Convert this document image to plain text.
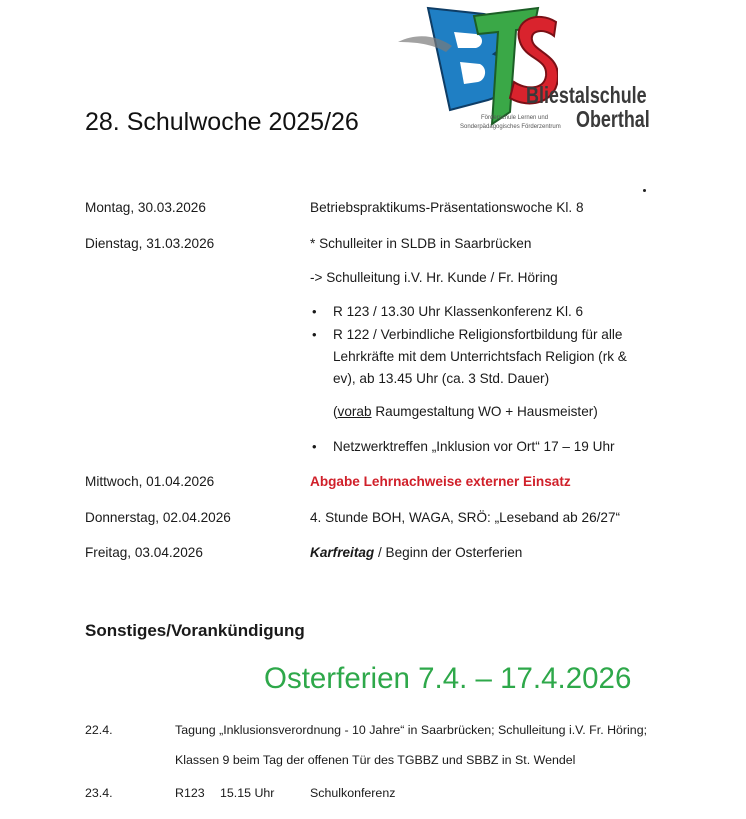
Bliestalschule
Oberthal
Förderschule Lernen und
Sonderpädagogisches Förderzentrum
28. Schulwoche 2025/26
Montag, 30.03.2026	Betriebspraktikums-Präsentationswoche Kl. 8
Dienstag, 31.03.2026	* Schulleiter in SLDB in Saarbrücken
-> Schulleitung i.V. Hr. Kunde / Fr. Höring
• R 123 / 13.30 Uhr Klassenkonferenz Kl. 6
• R 122 / Verbindliche Religionsfortbildung für alle
Lehrkräfte mit dem Unterrichtsfach Religion (rk &
ev), ab 13.45 Uhr (ca. 3 Std. Dauer)
(vorab Raumgestaltung WO + Hausmeister)
• Netzwerktreffen „Inklusion vor Ort“ 17 – 19 Uhr
Mittwoch, 01.04.2026	Abgabe Lehrnachweise externer Einsatz
Donnerstag, 02.04.2026	4. Stunde BOH, WAGA, SRÖ: „Leseband ab 26/27“
Freitag, 03.04.2026	Karfreitag / Beginn der Osterferien
Sonstiges/Vorankündigung
Osterferien 7.4. – 17.4.2026
22.4.	Tagung „Inklusionsverordnung - 10 Jahre“ in Saarbrücken; Schulleitung i.V. Fr. Höring;
Klassen 9 beim Tag der offenen Tür des TGBBZ und SBBZ in St. Wendel
23.4.	R123 15.15 Uhr	Schulkonferenz
